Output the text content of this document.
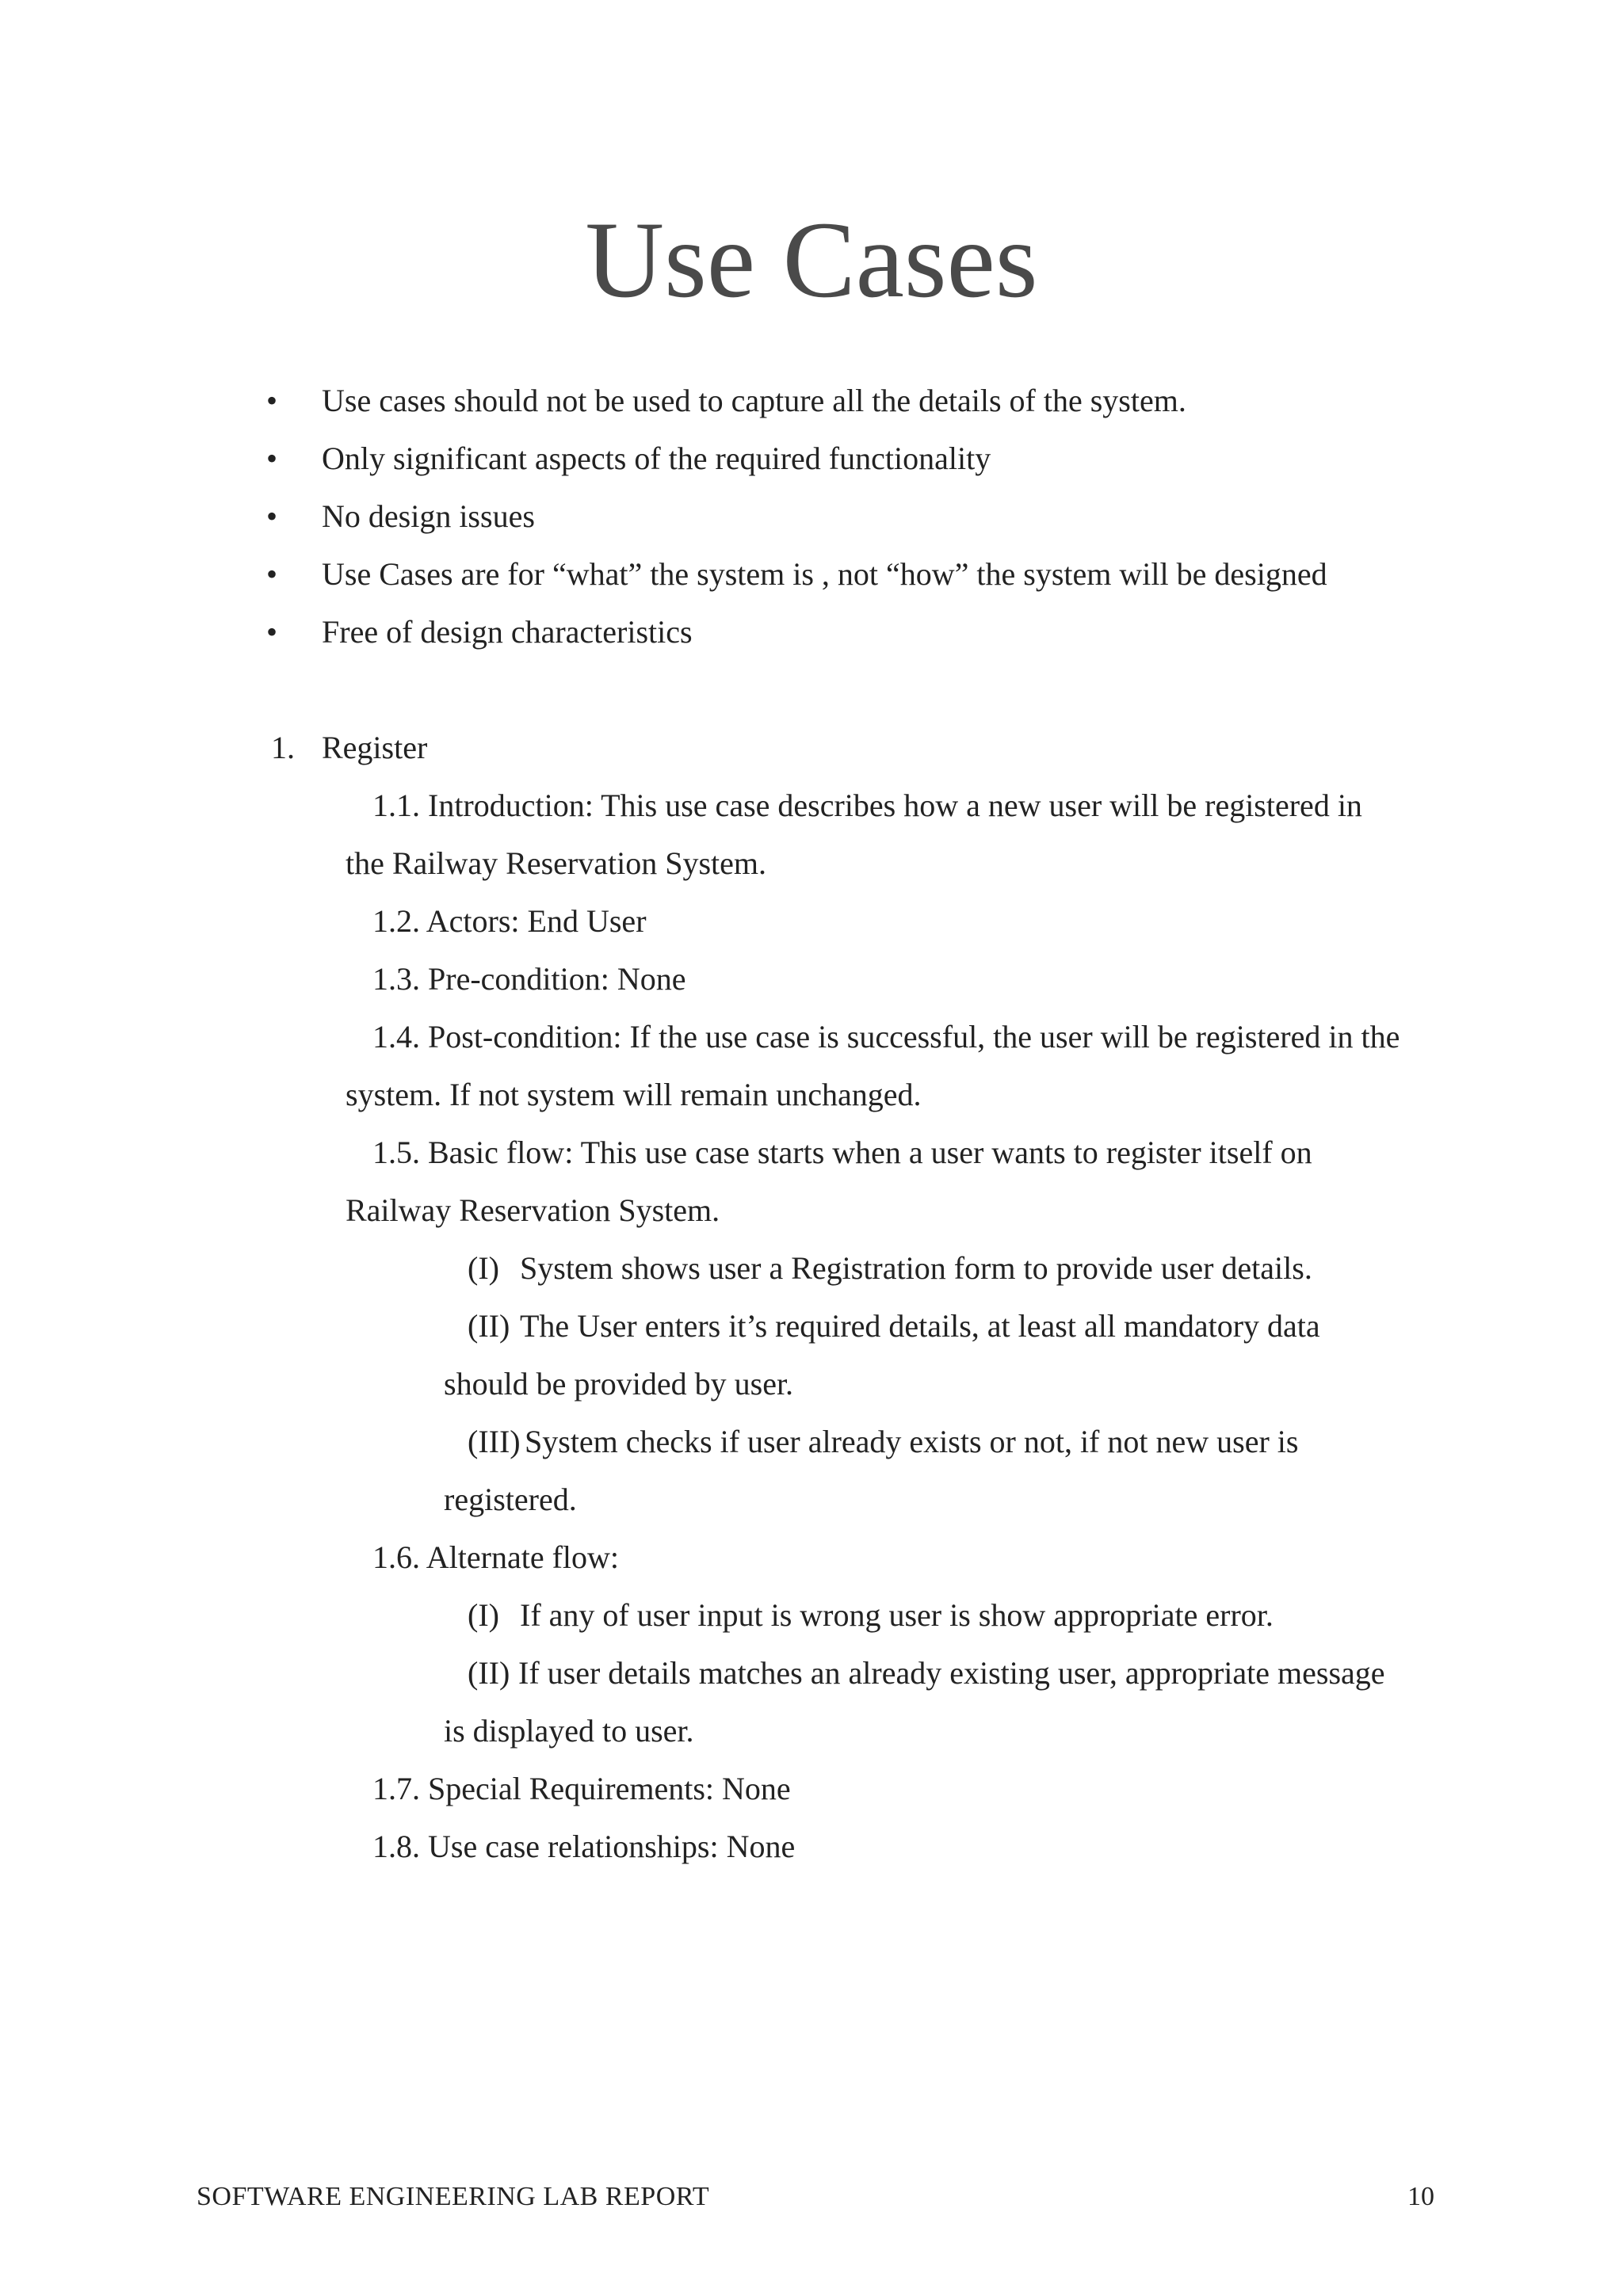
Use Cases
• Use cases should not be used to capture all the details of the system.
• Only significant aspects of the required functionality
• No design issues
• Use Cases are for “what” the system is , not “how” the system will be designed
• Free of design characteristics
1. Register
1.1. Introduction: This use case describes how a new user will be registered in
the Railway Reservation System.
1.2. Actors: End User
1.3. Pre-condition: None
1.4. Post-condition: If the use case is successful, the user will be registered in the
system. If not system will remain unchanged.
1.5. Basic flow: This use case starts when a user wants to register itself on
Railway Reservation System.
(I) System shows user a Registration form to provide user details.
(II) The User enters it’s required details, at least all mandatory data
should be provided by user.
(III) System checks if user already exists or not, if not new user is
registered.
1.6. Alternate flow:
(I) If any of user input is wrong user is show appropriate error.
(II) If user details matches an already existing user, appropriate message
is displayed to user.
1.7. Special Requirements: None
1.8. Use case relationships: None
SOFTWARE ENGINEERING LAB REPORT	10
